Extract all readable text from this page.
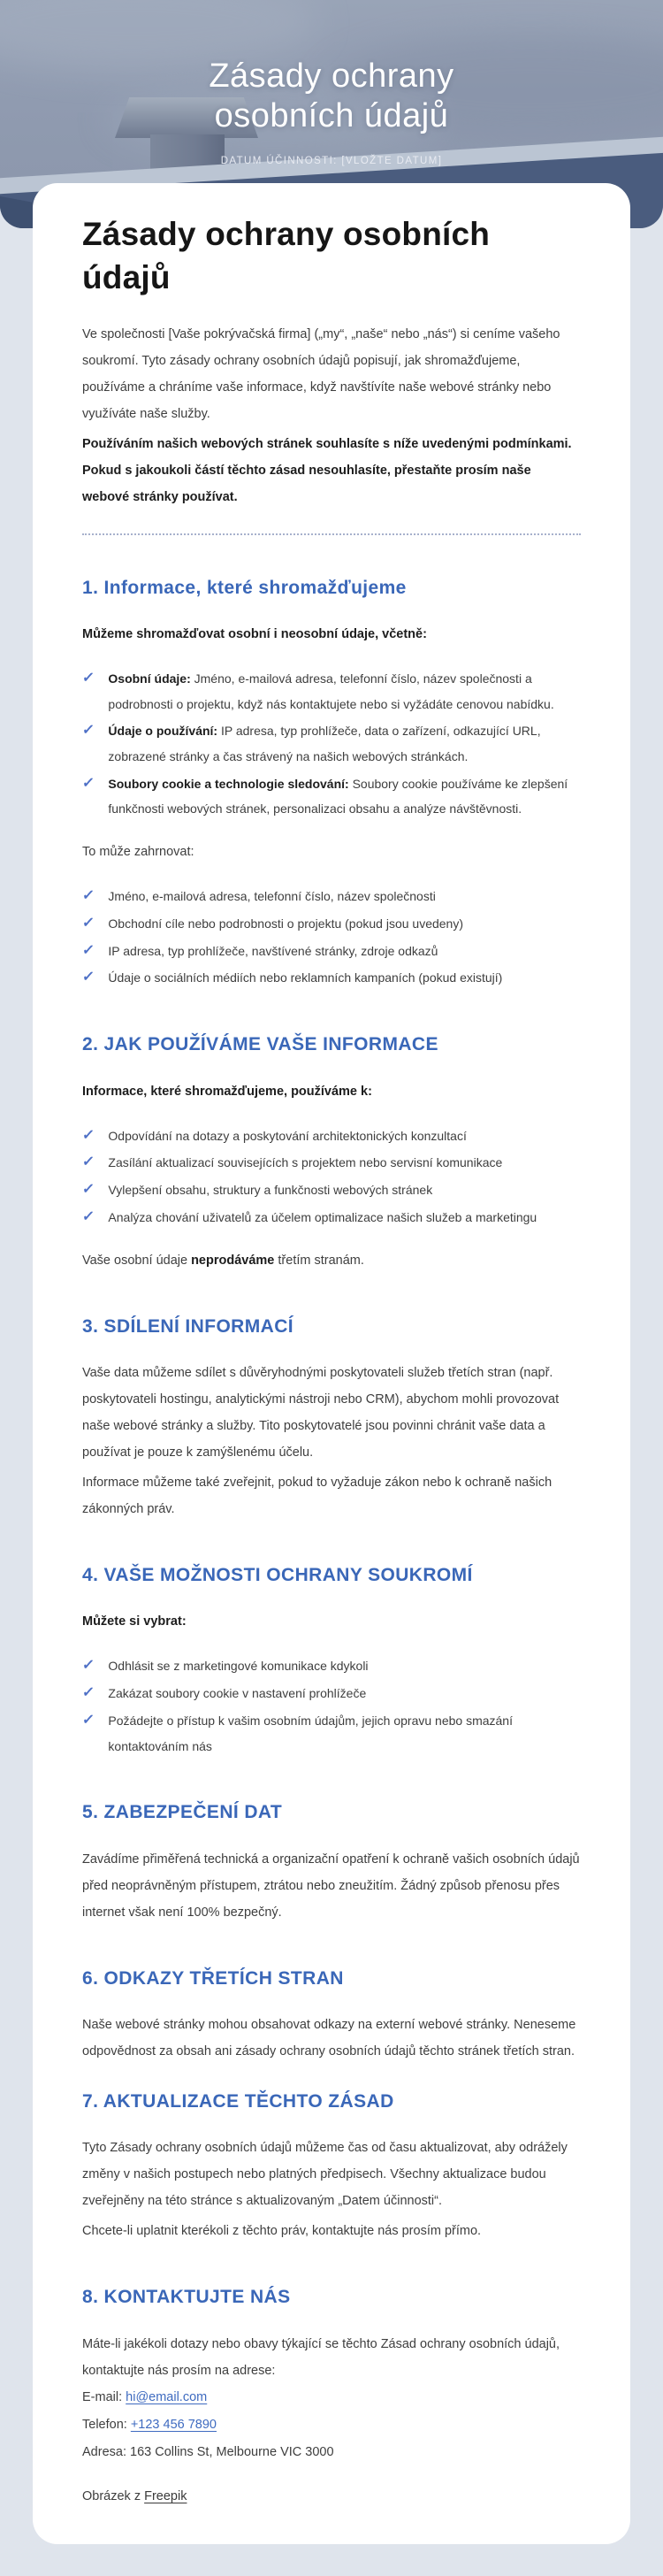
Zásady ochrany
osobních údajů
DATUM ÚČINNOSTI: [VLOŽTE DATUM]
Zásady ochrany osobních údajů

Ve společnosti [Vaše pokrývačská firma] („my“, „naše“ nebo „nás“) si ceníme vašeho soukromí. Tyto zásady ochrany osobních údajů popisují, jak shromažďujeme, používáme a chráníme vaše informace, když navštívíte naše webové stránky nebo využíváte naše služby.

Používáním našich webových stránek souhlasíte s níže uvedenými podmínkami. Pokud s jakoukoli částí těchto zásad nesouhlasíte, přestaňte prosím naše webové stránky používat.

1. Informace, které shromažďujeme

Můžeme shromažďovat osobní i neosobní údaje, včetně:

✓ Osobní údaje: Jméno, e-mailová adresa, telefonní číslo, název společnosti a podrobnosti o projektu, když nás kontaktujete nebo si vyžádáte cenovou nabídku.
✓ Údaje o používání: IP adresa, typ prohlížeče, data o zařízení, odkazující URL, zobrazené stránky a čas strávený na našich webových stránkách.
✓ Soubory cookie a technologie sledování: Soubory cookie používáme ke zlepšení funkčnosti webových stránek, personalizaci obsahu a analýze návštěvnosti.

To může zahrnovat:

✓ Jméno, e-mailová adresa, telefonní číslo, název společnosti
✓ Obchodní cíle nebo podrobnosti o projektu (pokud jsou uvedeny)
✓ IP adresa, typ prohlížeče, navštívené stránky, zdroje odkazů
✓ Údaje o sociálních médiích nebo reklamních kampaních (pokud existují)
2. JAK POUŽÍVÁME VAŠE INFORMACE

Informace, které shromažďujeme, používáme k:

✓ Odpovídání na dotazy a poskytování architektonických konzultací
✓ Zasílání aktualizací souvisejících s projektem nebo servisní komunikace
✓ Vylepšení obsahu, struktury a funkčnosti webových stránek
✓ Analýza chování uživatelů za účelem optimalizace našich služeb a marketingu

Vaše osobní údaje neprodáváme třetím stranám.

3. SDÍLENÍ INFORMACÍ

Vaše data můžeme sdílet s důvěryhodnými poskytovateli služeb třetích stran (např. poskytovateli hostingu, analytickými nástroji nebo CRM), abychom mohli provozovat naše webové stránky a služby. Tito poskytovatelé jsou povinni chránit vaše data a používat je pouze k zamýšlenému účelu.

Informace můžeme také zveřejnit, pokud to vyžaduje zákon nebo k ochraně našich zákonných práv.

4. VAŠE MOŽNOSTI OCHRANY SOUKROMÍ

Můžete si vybrat:

✓ Odhlásit se z marketingové komunikace kdykoli
✓ Zakázat soubory cookie v nastavení prohlížeče
✓ Požádejte o přístup k vašim osobním údajům, jejich opravu nebo smazání kontaktováním nás
5. ZABEZPEČENÍ DAT

Zavádíme přiměřená technická a organizační opatření k ochraně vašich osobních údajů před neoprávněným přístupem, ztrátou nebo zneužitím. Žádný způsob přenosu přes internet však není 100% bezpečný.

6. ODKAZY TŘETÍCH STRAN

Naše webové stránky mohou obsahovat odkazy na externí webové stránky. Neneseme odpovědnost za obsah ani zásady ochrany osobních údajů těchto stránek třetích stran.

7. AKTUALIZACE TĚCHTO ZÁSAD

Tyto Zásady ochrany osobních údajů můžeme čas od času aktualizovat, aby odrážely změny v našich postupech nebo platných předpisech. Všechny aktualizace budou zveřejněny na této stránce s aktualizovaným „Datem účinnosti“.

Chcete-li uplatnit kterékoli z těchto práv, kontaktujte nás prosím přímo.

8. KONTAKTUJTE NÁS

Máte-li jakékoli dotazy nebo obavy týkající se těchto Zásad ochrany osobních údajů, kontaktujte nás prosím na adrese:

E-mail: hi@email.com
Telefon: +123 456 7890
Adresa: 163 Collins St, Melbourne VIC 3000
Obrázek z Freepik
